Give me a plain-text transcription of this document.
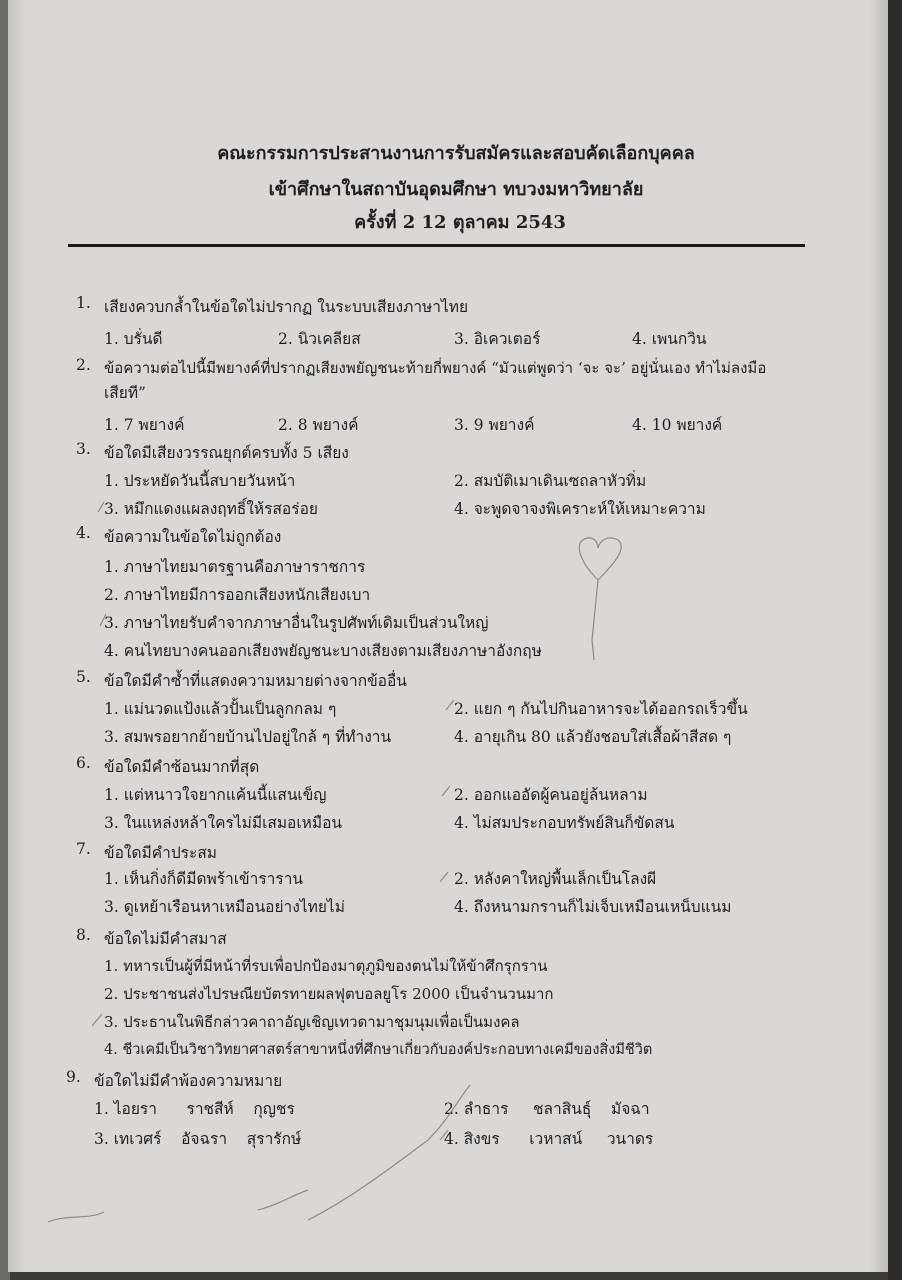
คณะกรรมการประสานงานการรับสมัครและสอบคัดเลือกบุคคล
เข้าศึกษาในสถาบันอุดมศึกษา ทบวงมหาวิทยาลัย
ครั้งที่ 2 12 ตุลาคม 2543
1. เสียงควบกล้ำในข้อใดไม่ปรากฏ ในระบบเสียงภาษาไทย
1. บรั่นดี	2. นิวเคลียส	3. อิเควเตอร์	4. เพนกวิน
2. ข้อความต่อไปนี้มีพยางค์ที่ปรากฏเสียงพยัญชนะท้ายกี่พยางค์ “มัวแต่พูดว่า ‘จะ จะ’ อยู่นั่นเอง ทำไม่ลงมือ
เสียที”
1. 7 พยางค์	2. 8 พยางค์	3. 9 พยางค์	4. 10 พยางค์
3. ข้อใดมีเสียงวรรณยุกต์ครบทั้ง 5 เสียง
1. ประหยัดวันนี้สบายวันหน้า	2. สมบัติเมาเดินเซถลาหัวทิ่ม
3. หมึกแดงแผลงฤทธิ์ให้รสอร่อย	4. จะพูดจาจงพิเคราะห์ให้เหมาะความ
4. ข้อความในข้อใดไม่ถูกต้อง
1. ภาษาไทยมาตรฐานคือภาษาราชการ
2. ภาษาไทยมีการออกเสียงหนักเสียงเบา
3. ภาษาไทยรับคำจากภาษาอื่นในรูปศัพท์เดิมเป็นส่วนใหญ่
4. คนไทยบางคนออกเสียงพยัญชนะบางเสียงตามเสียงภาษาอังกฤษ
5. ข้อใดมีคำซ้ำที่แสดงความหมายต่างจากข้ออื่น
1. แม่นวดแป้งแล้วปั้นเป็นลูกกลม ๆ	2. แยก ๆ กันไปกินอาหารจะได้ออกรถเร็วขึ้น
3. สมพรอยากย้ายบ้านไปอยู่ใกล้ ๆ ที่ทำงาน	4. อายุเกิน 80 แล้วยังชอบใส่เสื้อผ้าสีสด ๆ
6. ข้อใดมีคำซ้อนมากที่สุด
1. แต่หนาวใจยากแค้นนี้แสนเข็ญ	2. ออกแออัดผู้คนอยู่ล้นหลาม
3. ในแหล่งหล้าใครไม่มีเสมอเหมือน	4. ไม่สมประกอบทรัพย์สินก็ขัดสน
7. ข้อใดมีคำประสม
1. เห็นกิ่งก็ดีมีดพร้าเข้าราราน	2. หลังคาใหญ่พื้นเล็กเป็นโลงผี
3. ดูเหย้าเรือนหาเหมือนอย่างไทยไม่	4. ถึงหนามกรานก็ไม่เจ็บเหมือนเหน็บแนม
8. ข้อใดไม่มีคำสมาส
1. ทหารเป็นผู้ที่มีหน้าที่รบเพื่อปกป้องมาตุภูมิของตนไม่ให้ข้าศึกรุกราน
2. ประชาชนส่งไปรษณียบัตรทายผลฟุตบอลยูโร 2000 เป็นจำนวนมาก
3. ประธานในพิธีกล่าวคาถาอัญเชิญเทวดามาชุมนุมเพื่อเป็นมงคล
4. ชีวเคมีเป็นวิชาวิทยาศาสตร์สาขาหนึ่งที่ศึกษาเกี่ยวกับองค์ประกอบทางเคมีของสิ่งมีชีวิต
9. ข้อใดไม่มีคำพ้องความหมาย
1. ไอยรา      ราชสีห์    กุญชร	2. ลำธาร     ชลาสินธุ์    มัจฉา
3. เทเวศร์    อัจฉรา    สุรารักษ์	4. สิงขร      เวหาสน์     วนาดร
